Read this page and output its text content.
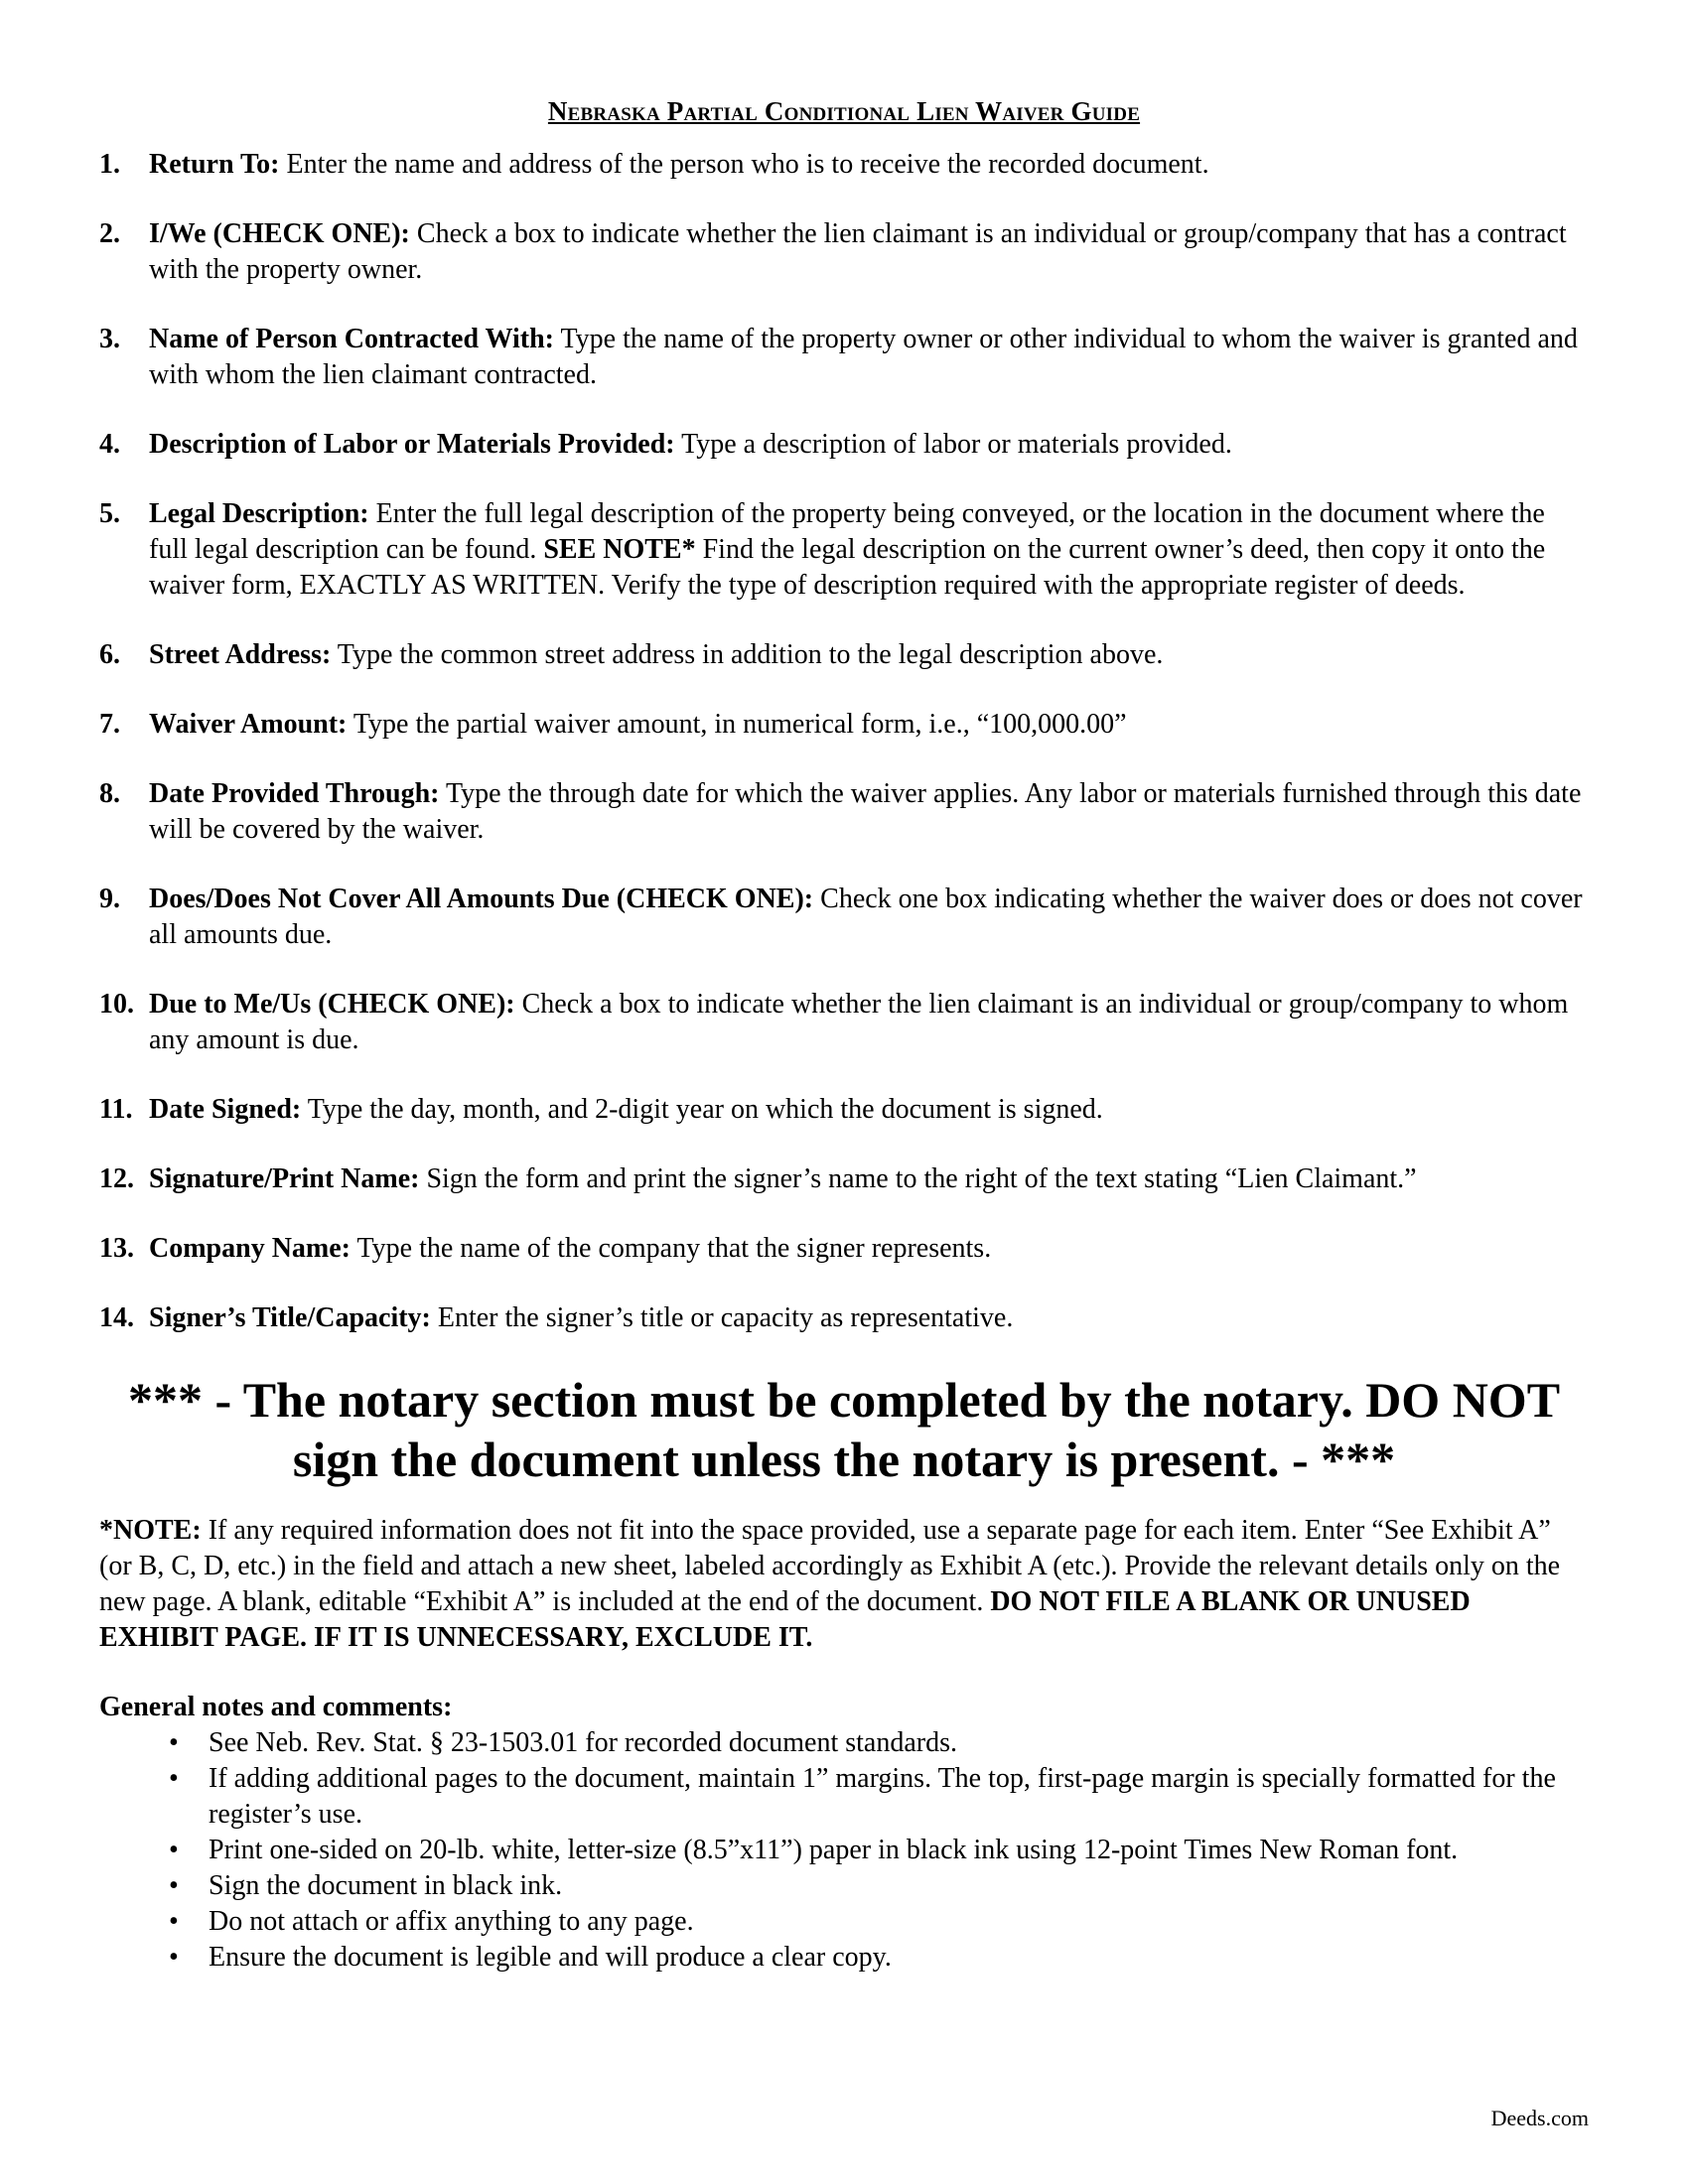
Nebraska Partial Conditional Lien Waiver Guide
1. Return To: Enter the name and address of the person who is to receive the recorded document.
2. I/We (CHECK ONE): Check a box to indicate whether the lien claimant is an individual or group/company that has a contract with the property owner.
3. Name of Person Contracted With: Type the name of the property owner or other individual to whom the waiver is granted and with whom the lien claimant contracted.
4. Description of Labor or Materials Provided: Type a description of labor or materials provided.
5. Legal Description: Enter the full legal description of the property being conveyed, or the location in the document where the full legal description can be found. SEE NOTE* Find the legal description on the current owner’s deed, then copy it onto the waiver form, EXACTLY AS WRITTEN. Verify the type of description required with the appropriate register of deeds.
6. Street Address: Type the common street address in addition to the legal description above.
7. Waiver Amount: Type the partial waiver amount, in numerical form, i.e., “100,000.00”
8. Date Provided Through: Type the through date for which the waiver applies. Any labor or materials furnished through this date will be covered by the waiver.
9. Does/Does Not Cover All Amounts Due (CHECK ONE): Check one box indicating whether the waiver does or does not cover all amounts due.
10. Due to Me/Us (CHECK ONE): Check a box to indicate whether the lien claimant is an individual or group/company to whom any amount is due.
11. Date Signed: Type the day, month, and 2-digit year on which the document is signed.
12. Signature/Print Name: Sign the form and print the signer’s name to the right of the text stating “Lien Claimant.”
13. Company Name: Type the name of the company that the signer represents.
14. Signer’s Title/Capacity: Enter the signer’s title or capacity as representative.
*** - The notary section must be completed by the notary. DO NOT
sign the document unless the notary is present. - ***
*NOTE: If any required information does not fit into the space provided, use a separate page for each item. Enter “See Exhibit A” (or B, C, D, etc.) in the field and attach a new sheet, labeled accordingly as Exhibit A (etc.). Provide the relevant details only on the new page. A blank, editable “Exhibit A” is included at the end of the document. DO NOT FILE A BLANK OR UNUSED EXHIBIT PAGE. IF IT IS UNNECESSARY, EXCLUDE IT.
General notes and comments:
• See Neb. Rev. Stat. § 23-1503.01 for recorded document standards.
• If adding additional pages to the document, maintain 1” margins. The top, first-page margin is specially formatted for the register’s use.
• Print one-sided on 20-lb. white, letter-size (8.5”x11”) paper in black ink using 12-point Times New Roman font.
• Sign the document in black ink.
• Do not attach or affix anything to any page.
• Ensure the document is legible and will produce a clear copy.
Deeds.com
